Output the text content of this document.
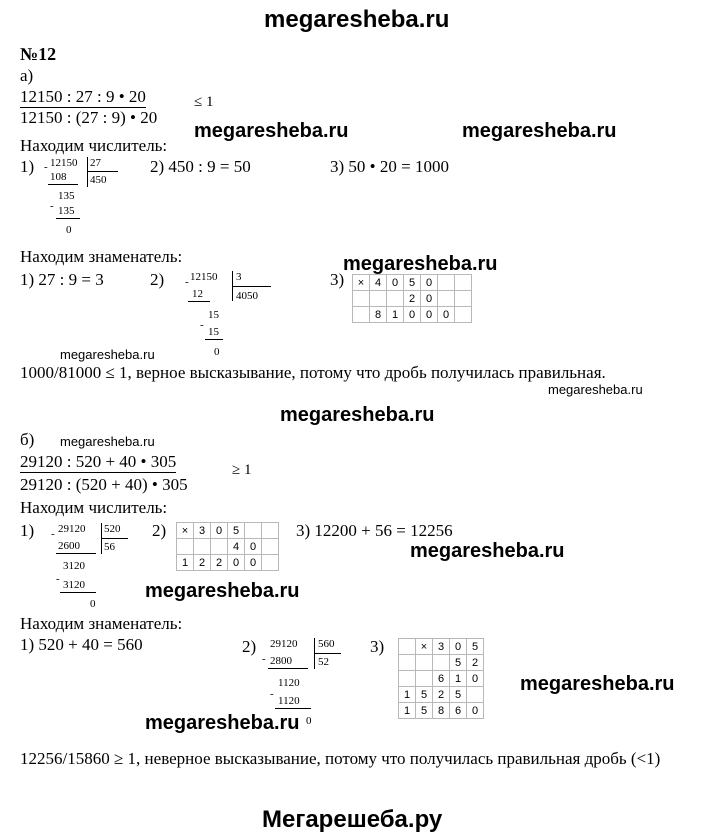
megaresheba.ru
№12
а)
12150 : 27 : 9 • 20	≤ 1
12150 : (27 : 9) • 20
megaresheba.ru	megaresheba.ru
Находим числитель:
1) - 12150 27
450
108
135
- 135
0
2) 450 : 9 = 50	3) 50 • 20 = 1000
Находим знаменатель:	megaresheba.ru
1) 27 : 9 = 3	2) - 12150 3
4050
12
15
-
15
0
3) ×	4	0	5	0		
			2	0		
	8	1	0	0	0	
megaresheba.ru
1000/81000 ≤ 1, верное высказывание, потому что дробь получилась правильная.
megaresheba.ru
megaresheba.ru
б) megaresheba.ru
29120 : 520 + 40 • 305	≥ 1
29120 : (520 + 40) • 305
Находим числитель:
1) - 29120 520
56
2600
3120
- 3120
0
2) ×	3	0	5		
			4	0	
1	2	2	0	0	
3) 12200 + 56 = 12256
megaresheba.ru
megaresheba.ru
Находим знаменатель:
1) 520 + 40 = 560	2)
-
29120 560
52
2800
1120
-
1120
0
3)
		×	3	0	5
			5	2
		6	1	0
1	5	2	5	
1	5	8	6	0
megaresheba.ru
megaresheba.ru
12256/15860 ≥ 1, неверное высказывание, потому что получилась правильная дробь (<1)
Мегарешеба.ру
